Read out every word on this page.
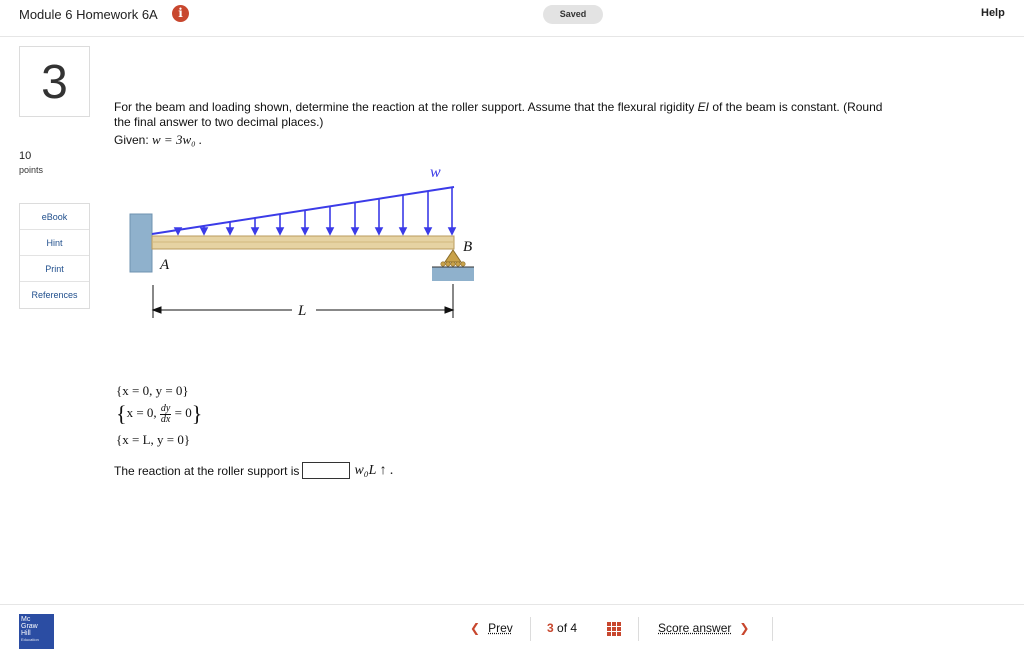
Module 6 Homework 6A	i	Saved	Help
3
10
points
eBook
Hint
Print
References
For the beam and loading shown, determine the reaction at the roller support. Assume that the flexural rigidity EI of the beam is constant. (Round the final answer to two decimal places.)
Given: w = 3w₀ .
w
A
B
L
{x = 0, y = 0}
{x = 0, $\frac{dy}{dx} = 0$}
{x = L, y = 0}
The reaction at the roller support is	w₀L ↑ .
Mc
Graw
Hill
Education
❮ Prev	3 of 4	Score answer ❯
